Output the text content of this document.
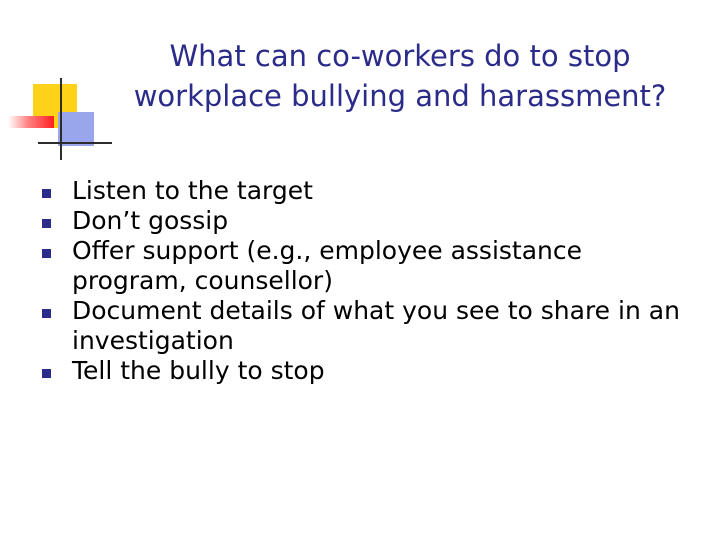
What can co-workers do to stop
workplace bullying and harassment?
Listen to the target
Don’t gossip
Offer support (e.g., employee assistance program, counsellor)
Document details of what you see to share in an investigation
Tell the bully to stop
